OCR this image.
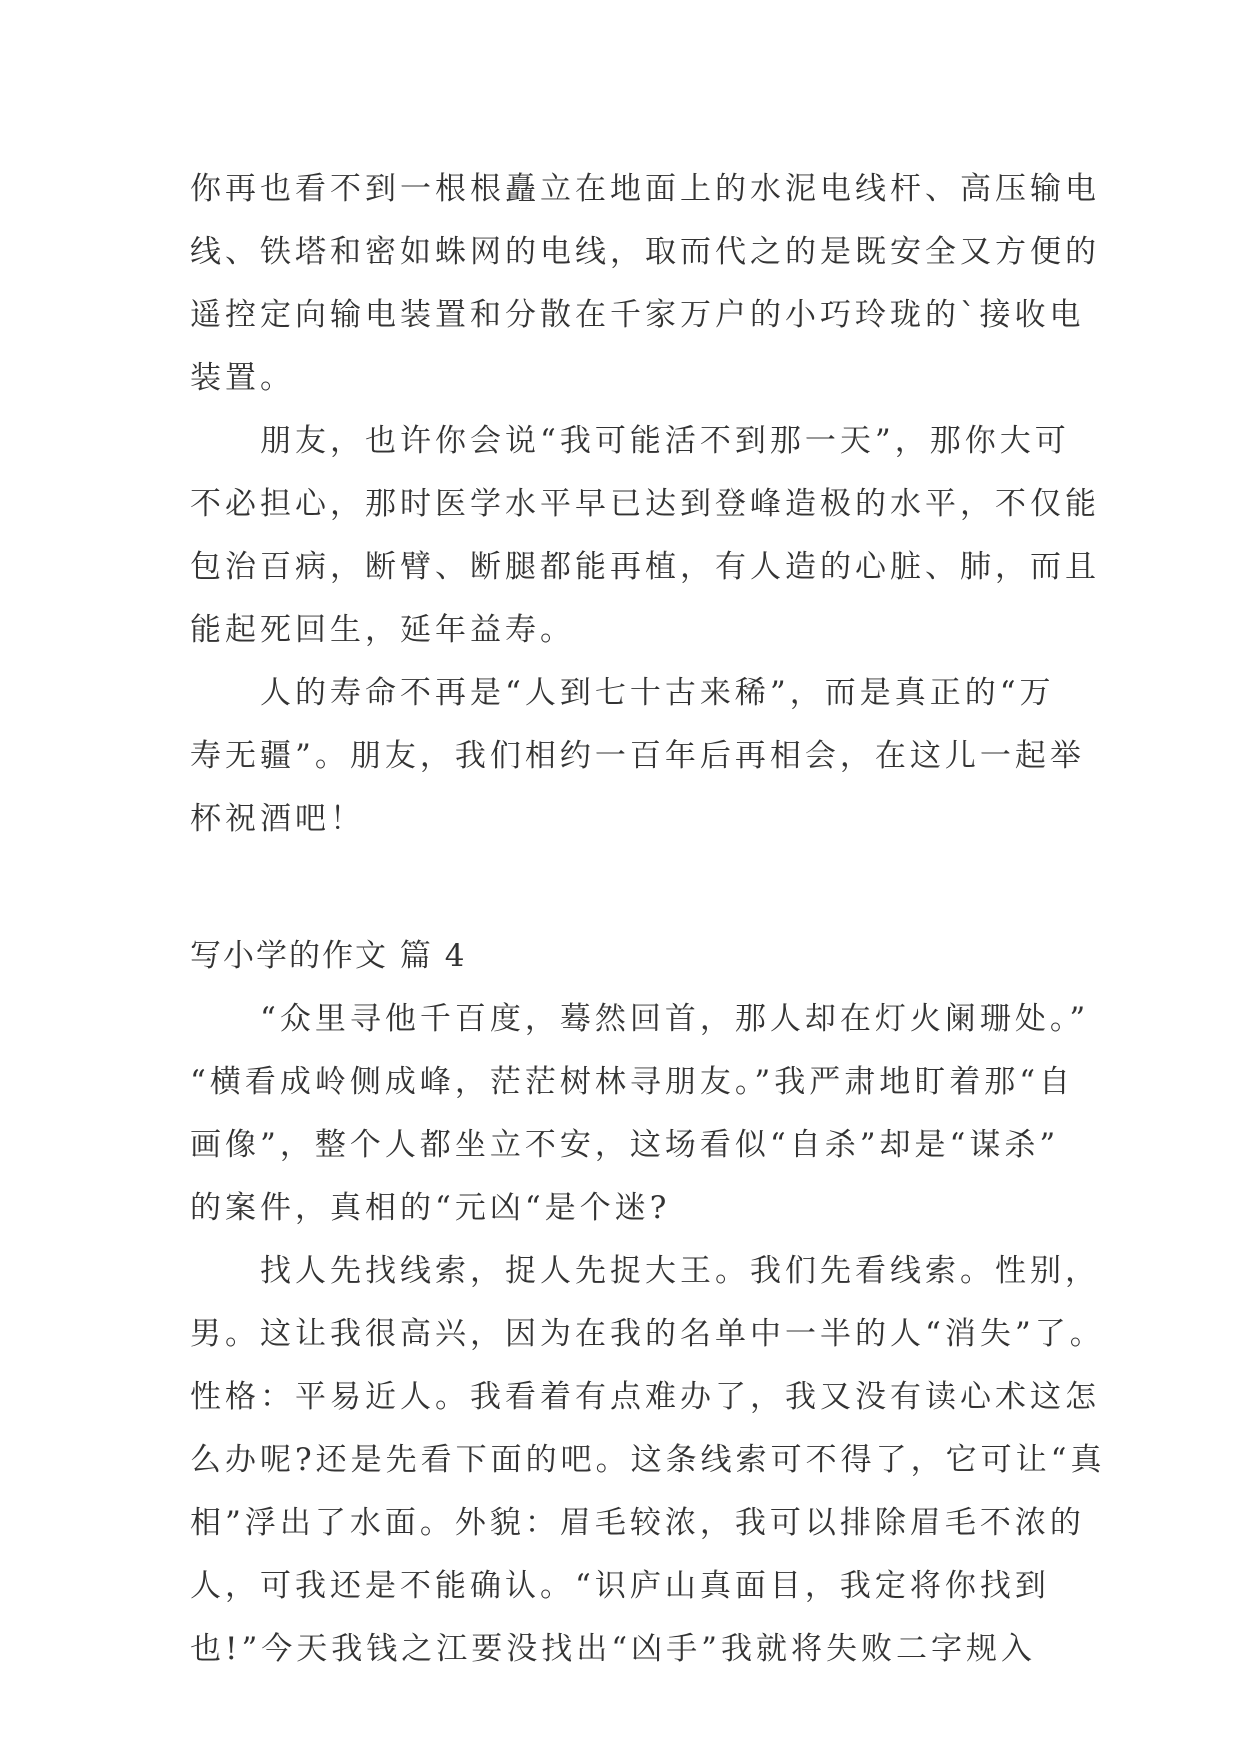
你再也看不到一根根矗立在地面上的水泥电线杆、高压输电
线、铁塔和密如蛛网的电线，取而代之的是既安全又方便的
遥控定向输电装置和分散在千家万户的小巧玲珑的`接收电
装置。
　　朋友，也许你会说“我可能活不到那一天”，那你大可
不必担心，那时医学水平早已达到登峰造极的水平，不仅能
包治百病，断臂、断腿都能再植，有人造的心脏、肺，而且
能起死回生，延年益寿。
　　人的寿命不再是“人到七十古来稀”，而是真正的“万
寿无疆”。朋友，我们相约一百年后再相会，在这儿一起举
杯祝酒吧！
写小学的作文 篇 4
　　“众里寻他千百度，蓦然回首，那人却在灯火阑珊处。”
“横看成岭侧成峰，茫茫树林寻朋友。”我严肃地盯着那“自
画像”，整个人都坐立不安，这场看似“自杀”却是“谋杀”
的案件，真相的“元凶“是个迷?
　　找人先找线索，捉人先捉大王。我们先看线索。性别，
男。这让我很高兴，因为在我的名单中一半的人“消失”了。
性格：平易近人。我看着有点难办了，我又没有读心术这怎
么办呢?还是先看下面的吧。这条线索可不得了，它可让“真
相”浮出了水面。外貌：眉毛较浓，我可以排除眉毛不浓的
人，可我还是不能确认。“识庐山真面目，我定将你找到
也!”今天我钱之江要没找出“凶手”我就将失败二字规入
